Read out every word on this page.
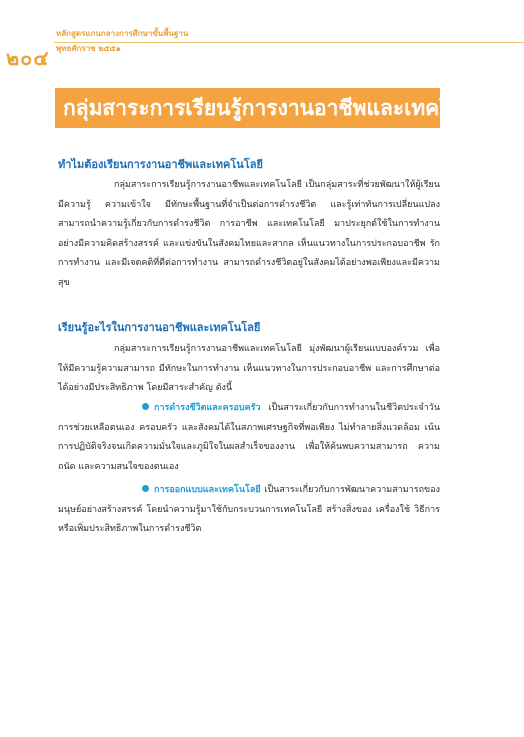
หลักสูตรแกนกลางการศึกษาขั้นพื้นฐาน
พุทธศักราช ๒๕๕๑
๒๐๔
กลุ่มสาระการเรียนรู้การงานอาชีพและเทคโนโลยี
ทำไมต้องเรียนการงานอาชีพและเทคโนโลยี

กลุ่มสาระการเรียนรู้การงานอาชีพและเทคโนโลยี เป็นกลุ่มสาระที่ช่วยพัฒนาให้ผู้เรียน มีความรู้ ความเข้าใจ มีทักษะพื้นฐานที่จำเป็นต่อการดำรงชีวิต และรู้เท่าทันการเปลี่ยนแปลง สามารถนำความรู้เกี่ยวกับการดำรงชีวิต การอาชีพ และเทคโนโลยี มาประยุกต์ใช้ในการทำงานอย่างมีความคิดสร้างสรรค์ และแข่งขันในสังคมไทยและสากล เห็นแนวทางในการประกอบอาชีพ รักการทำงาน และมีเจตคติที่ดีต่อการทำงาน สามารถดำรงชีวิตอยู่ในสังคมได้อย่างพอเพียงและมีความสุข

เรียนรู้อะไรในการงานอาชีพและเทคโนโลยี

กลุ่มสาระการเรียนรู้การงานอาชีพและเทคโนโลยี มุ่งพัฒนาผู้เรียนแบบองค์รวม เพื่อให้มีความรู้ความสามารถ มีทักษะในการทำงาน เห็นแนวทางในการประกอบอาชีพ และการศึกษาต่อได้อย่างมีประสิทธิภาพ โดยมีสาระสำคัญ ดังนี้

การดำรงชีวิตและครอบครัว เป็นสาระเกี่ยวกับการทำงานในชีวิตประจำวัน การช่วยเหลือตนเอง ครอบครัว และสังคมได้ในสภาพเศรษฐกิจที่พอเพียง ไม่ทำลายสิ่งแวดล้อม เน้นการปฏิบัติจริงจนเกิดความมั่นใจและภูมิใจในผลสำเร็จของงาน เพื่อให้ค้นพบความสามารถ ความถนัด และความสนใจของตนเอง

การออกแบบและเทคโนโลยี เป็นสาระเกี่ยวกับการพัฒนาความสามารถของมนุษย์อย่างสร้างสรรค์ โดยนำความรู้มาใช้กับกระบวนการเทคโนโลยี สร้างสิ่งของ เครื่องใช้ วิธีการ หรือเพิ่มประสิทธิภาพในการดำรงชีวิต
